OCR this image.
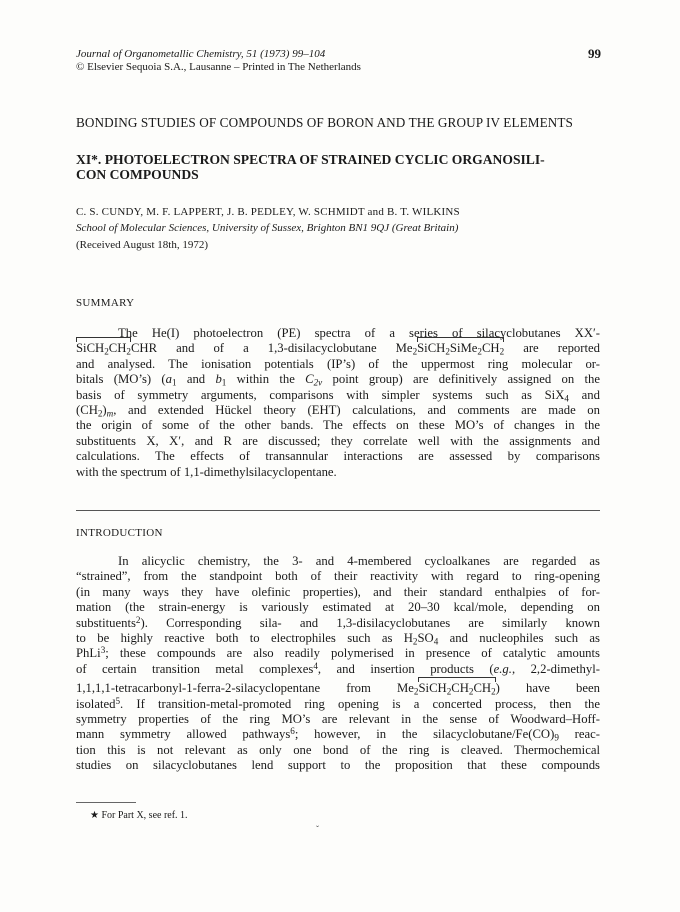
Journal of Organometallic Chemistry, 51 (1973) 99–104
© Elsevier Sequoia S.A., Lausanne – Printed in The Netherlands
99
BONDING STUDIES OF COMPOUNDS OF BORON AND THE GROUP IV ELEMENTS
XI*. PHOTOELECTRON SPECTRA OF STRAINED CYCLIC ORGANOSILI-
CON COMPOUNDS
C. S. CUNDY, M. F. LAPPERT, J. B. PEDLEY, W. SCHMIDT and B. T. WILKINS
School of Molecular Sciences, University of Sussex, Brighton BN1 9QJ (Great Britain)
(Received August 18th, 1972)
SUMMARY
The He(I) photoelectron (PE) spectra of a series of silacyclobutanes XX′-
$SiCH_2CH_2CHR$ and of a 1,3-disilacyclobutane $Me_2SiCH_2SiMe_2CH_2$ are reported
and analysed. The ionisation potentials (IP’s) of the uppermost ring molecular or-
bitals (MO’s) ($a_1$ and $b_1$ within the $C_{2v}$ point group) are definitively assigned on the
basis of symmetry arguments, comparisons with simpler systems such as SiX$_4$ and
$(CH_2)_m$, and extended Hückel theory (EHT) calculations, and comments are made on
the origin of some of the other bands. The effects on these MO’s of changes in the
substituents X, X′, and R are discussed; they correlate well with the assignments and
calculations. The effects of transannular interactions are assessed by comparisons
with the spectrum of 1,1-dimethylsilacyclopentane.
INTRODUCTION
In alicyclic chemistry, the 3- and 4-membered cycloalkanes are regarded as
“strained”, from the standpoint both of their reactivity with regard to ring-opening
(in many ways they have olefinic properties), and their standard enthalpies of for-
mation (the strain-energy is variously estimated at 20–30 kcal/mole, depending on
substituents$^2$). Corresponding sila- and 1,3-disilacyclobutanes are similarly known
to be highly reactive both to electrophiles such as $H_2SO_4$ and nucleophiles such as
PhLi$^3$; these compounds are also readily polymerised in presence of catalytic amounts
of certain transition metal complexes$^4$, and insertion products (e.g., 2,2-dimethyl-
1,1,1,1-tetracarbonyl-1-ferra-2-silacyclopentane from $Me_2SiCH_2CH_2CH_2$) have been
isolated$^5$. If transition-metal-promoted ring opening is a concerted process, then the
symmetry properties of the ring MO’s are relevant in the sense of Woodward–Hoff-
mann symmetry allowed pathways$^6$; however, in the silacyclobutane/$Fe(CO)_9$ reac-
tion this is not relevant as only one bond of the ring is cleaved. Thermochemical
studies on silacyclobutanes lend support to the proposition that these compounds
★ For Part X, see ref. 1.
ˇ
